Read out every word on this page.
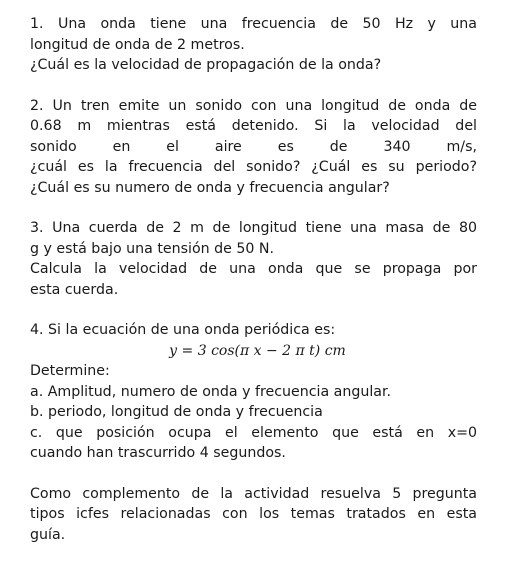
1. Una onda tiene una frecuencia de 50 Hz y una
longitud de onda de 2 metros.
¿Cuál es la velocidad de propagación de la onda?
2. Un tren emite un sonido con una longitud de onda de
0.68 m mientras está detenido. Si la velocidad del
sonido en el aire es de 340 m/s,
¿cuál es la frecuencia del sonido? ¿Cuál es su periodo?
¿Cuál es su numero de onda y frecuencia angular?
3. Una cuerda de 2 m de longitud tiene una masa de 80
g y está bajo una tensión de 50 N.
Calcula la velocidad de una onda que se propaga por
esta cuerda.
4. Si la ecuación de una onda periódica es:
y = 3 cos(π x − 2 π t) cm
Determine:
a. Amplitud, numero de onda y frecuencia angular.
b. periodo, longitud de onda y frecuencia
c. que posición ocupa el elemento que está en x=0
cuando han trascurrido 4 segundos.
Como complemento de la actividad resuelva 5 pregunta
tipos icfes relacionadas con los temas tratados en esta
guía.
